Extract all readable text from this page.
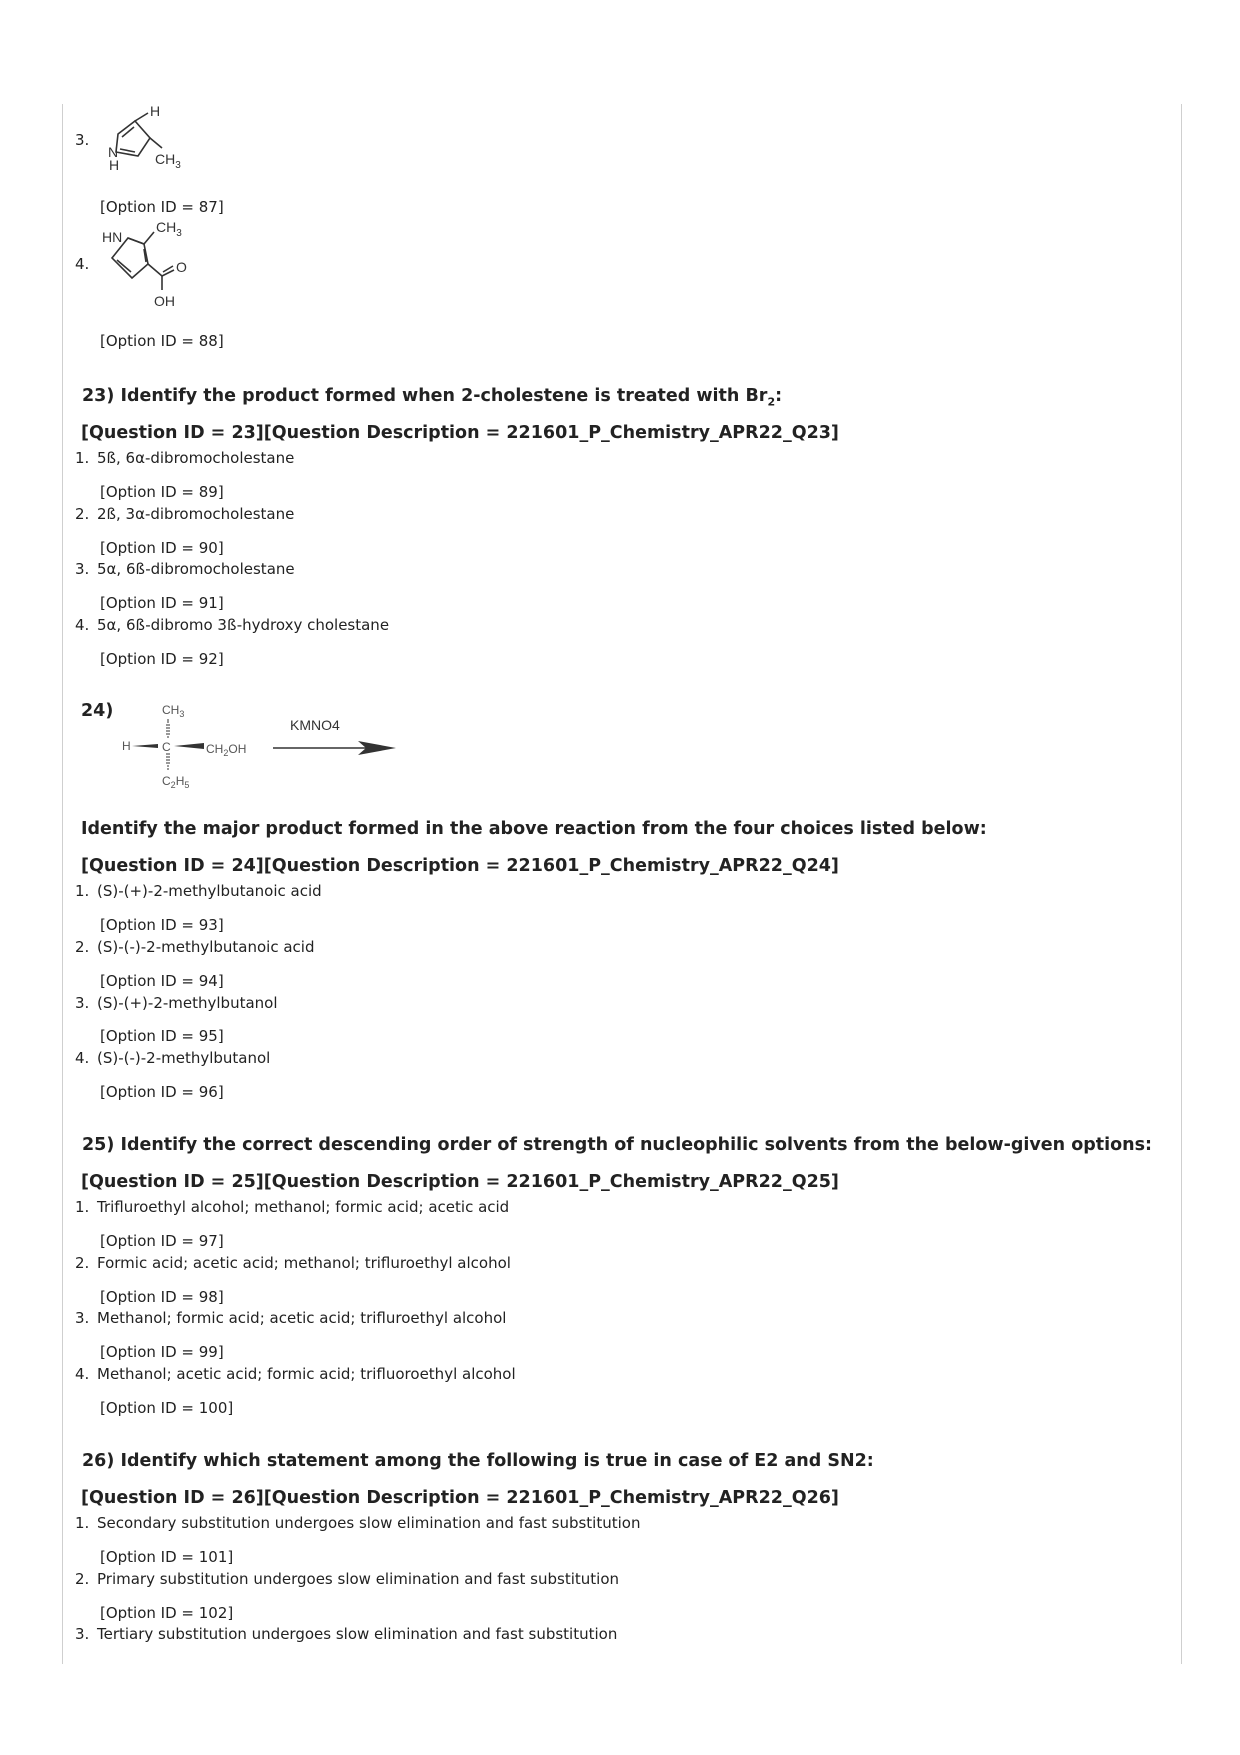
3.
H
N
H	$CH_3$
[Option ID = 87]
4.
HN
$CH_3$
O
OH
[Option ID = 88]
23) Identify the product formed when 2-cholestene is treated with $Br_2$:
[Question ID = 23][Question Description = 221601_P_Chemistry_APR22_Q23]
1. 5ß, 6α-dibromocholestane
[Option ID = 89]
2. 2ß, 3α-dibromocholestane
[Option ID = 90]
3. 5α, 6ß-dibromocholestane
[Option ID = 91]
4. 5α, 6ß-dibromo 3ß-hydroxy cholestane
[Option ID = 92]
24)	$CH_3$
H	C	$CH_2OH$
$C_2H_5$
KMNO4
Identify the major product formed in the above reaction from the four choices listed below:
[Question ID = 24][Question Description = 221601_P_Chemistry_APR22_Q24]
1. (S)-(+)-2-methylbutanoic acid
[Option ID = 93]
2. (S)-(-)-2-methylbutanoic acid
[Option ID = 94]
3. (S)-(+)-2-methylbutanol
[Option ID = 95]
4. (S)-(-)-2-methylbutanol
[Option ID = 96]
25) Identify the correct descending order of strength of nucleophilic solvents from the below-given options:
[Question ID = 25][Question Description = 221601_P_Chemistry_APR22_Q25]
1. Trifluroethyl alcohol; methanol; formic acid; acetic acid
[Option ID = 97]
2. Formic acid; acetic acid; methanol; trifluroethyl alcohol
[Option ID = 98]
3. Methanol; formic acid; acetic acid; trifluroethyl alcohol
[Option ID = 99]
4. Methanol; acetic acid; formic acid; trifluoroethyl alcohol
[Option ID = 100]
26) Identify which statement among the following is true in case of E2 and SN2:
[Question ID = 26][Question Description = 221601_P_Chemistry_APR22_Q26]
1. Secondary substitution undergoes slow elimination and fast substitution
[Option ID = 101]
2. Primary substitution undergoes slow elimination and fast substitution
[Option ID = 102]
3. Tertiary substitution undergoes slow elimination and fast substitution
